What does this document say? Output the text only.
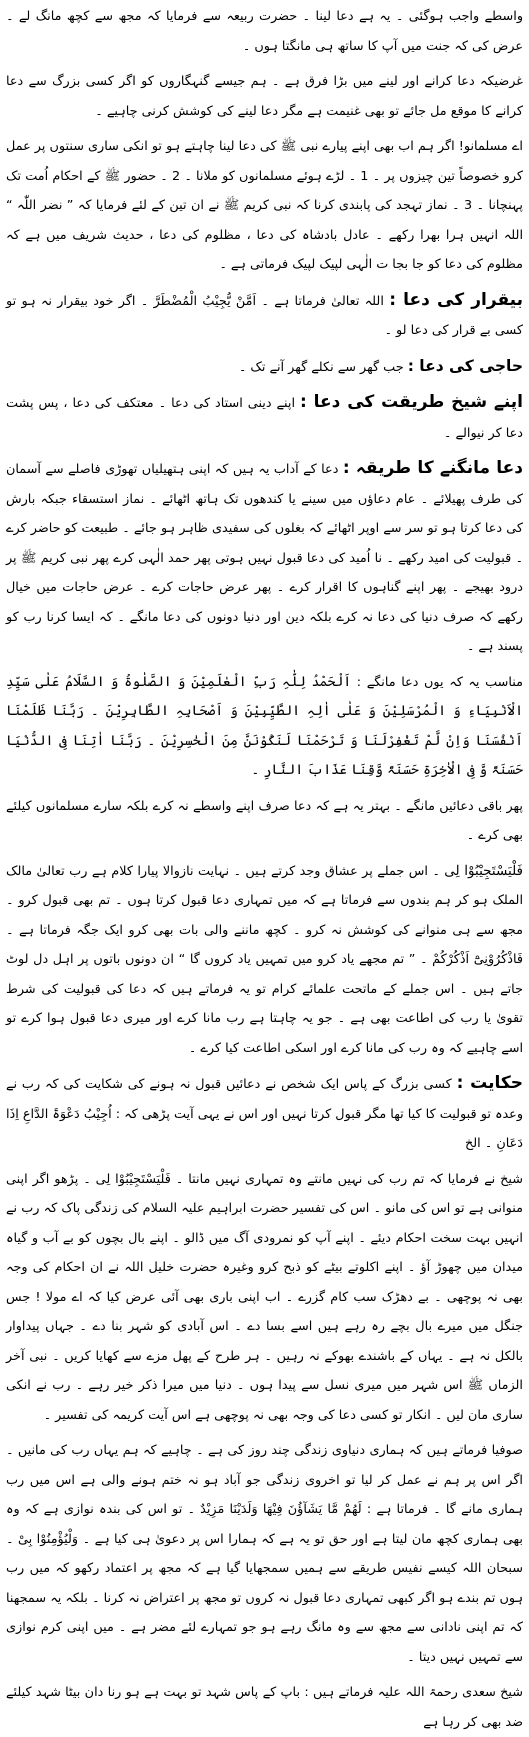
واسطے واجب ہوگئی ۔ یہ ہے دعا لینا ۔ حضرت ربیعہ سے فرمایا کہ مجھ سے کچھ مانگ لے ۔ عرض کی کہ جنت میں آپ کا ساتھ ہی مانگتا ہوں ۔

غرضیکہ دعا کرانے اور لینے میں بڑا فرق ہے ۔ ہم جیسے گنہگاروں کو اگر کسی بزرگ سے دعا کرانے کا موقع مل جائے تو بھی غنیمت ہے مگر دعا لینے کی کوشش کرنی چاہیے ۔

اے مسلمانو! اگر ہم اب بھی اپنے پیارے نبی ﷺ کی دعا لینا چاہتے ہو تو انکی ساری سنتوں پر عمل کرو خصوصاً تین چیزوں پر ۔ 1 ۔ لڑے ہوئے مسلمانوں کو ملانا ۔ 2 ۔ حضور ﷺ کے احکام اُمت تک پہنچانا ۔ 3 ۔ نماز تہجد کی پابندی کرنا کہ نبی کریم ﷺ نے ان تین کے لئے فرمایا کہ ” نضر اللّٰہ “ اللہ انہیں ہرا بھرا رکھے ۔ عادل بادشاہ کی دعا ، مظلوم کی دعا ، حدیث شریف میں ہے کہ مظلوم کی دعا کو جا بجا ت الٰہی لپیک لپیک فرماتی ہے ۔

بیقرار کی دعا : اللہ تعالیٰ فرماتا ہے ۔ اَمَّنْ یُّجِیْبُ الْمُضْطَرَّ ۔ اگر خود بیقرار نہ ہو تو کسی بے قرار کی دعا لو ۔

حاجی کی دعا : جب گھر سے نکلے گھر آنے تک ۔

اپنے شیخ طریقت کی دعا : اپنے دینی استاد کی دعا ۔ معتکف کی دعا ، پس پشت دعا کر نیوالے ۔

دعا مانگنے کا طریقہ : دعا کے آداب یہ ہیں کہ اپنی ہتھیلیاں تھوڑی فاصلے سے آسمان کی طرف پھیلائے ۔ عام دعاؤں میں سینے یا کندھوں تک ہاتھ اٹھائے ۔ نماز استسقاء جبکہ بارش کی دعا کرتا ہو تو سر سے اوپر اٹھائے کہ بغلوں کی سفیدی ظاہر ہو جائے ۔ طبیعت کو حاضر کرے ۔ قبولیت کی امید رکھے ۔ نا اُمید کی دعا قبول نہیں ہوتی پھر حمد الٰہی کرے پھر نبی کریم ﷺ پر درود بھیجے ۔ پھر اپنے گناہوں کا اقرار کرے ۔ پھر عرض حاجات کرے ۔ عرض حاجات میں خیال رکھے کہ صرف دنیا کی دعا نہ کرے بلکہ دین اور دنیا دونوں کی دعا مانگے ۔ کہ ایسا کرنا رب کو پسند ہے ۔

مناسب یہ کہ یوں دعا مانگے : اَلْحَمْدُ لِلّٰہِ رَبِّ الْعٰلَمِیْنَ وَ الصَّلٰوۃُ وَ السَّلَامُ عَلٰی سَیِّدِ الْاَنْبِیَاءِ وَ الْمُرْسَلِیْنَ وَ عَلٰی اٰلِہِ الطَّیِّبِیْنَ وَ اَصْحَابِہِ الطَّاہِرِیْنَ ۔ رَبَّنَا ظَلَمْنَا اَنْفُسَنَا وَاِنْ لَّمْ تَغْفِرْلَنَا وَ تَرْحَمْنَا لَنَکُوْنَنَّ مِنَ الْخٰسِرِیْنَ ۔ رَبَّنَا اٰتِنَا فِی الدُّنْیَا حَسَنَۃً وَّ فِی الْاٰخِرَۃِ حَسَنَۃً وَّقِنَا عَذَابَ النَّارِ ۔

پھر باقی دعائیں مانگے ۔ بہتر یہ ہے کہ دعا صرف اپنے واسطے نہ کرے بلکہ سارے مسلمانوں کیلئے بھی کرے ۔

فَلْیَسْتَجِیْبُوْا لِی ۔ اس جملے پر عشاق وجد کرتے ہیں ۔ نہایت نازوالا پیارا کلام ہے رب تعالیٰ مالک الملک ہو کر ہم بندوں سے فرماتا ہے کہ میں تمہاری دعا قبول کرتا ہوں ۔ تم بھی قبول کرو ۔ مجھ سے ہی منوانے کی کوشش نہ کرو ۔ کچھ ماننے والی بات بھی کرو ایک جگہ فرماتا ہے ۔ فَاذْکُرُوْنِیْٓ اَذْکُرْکُمْ ۔ ” تم مجھے یاد کرو میں تمہیں یاد کروں گا “ ان دونوں باتوں پر اہل دل لوٹ جاتے ہیں ۔ اس جملے کے ماتحت علمائے کرام تو یہ فرماتے ہیں کہ دعا کی قبولیت کی شرط تقویٰ یا رب کی اطاعت بھی ہے ۔ جو یہ چاہتا ہے رب مانا کرے اور میری دعا قبول ہوا کرے تو اسے چاہیے کہ وہ رب کی مانا کرے اور اسکی اطاعت کیا کرے ۔

حکایت : کسی بزرگ کے پاس ایک شخص نے دعائیں قبول نہ ہونے کی شکایت کی کہ رب نے وعدہ تو قبولیت کا کیا تھا مگر قبول کرتا نہیں اور اس نے یہی آیت پڑھی کہ : اُجِیْبُ دَعْوَۃَ الدَّاعِ اِذَا دَعَانِ ۔ الخ

شیخ نے فرمایا کہ تم رب کی نہیں مانتے وہ تمہاری نہیں مانتا ۔ فَلْیَسْتَجِیْبُوْا لِی ۔ پڑھو اگر اپنی منوانی ہے تو اس کی مانو ۔ اس کی تفسیر حضرت ابراہیم علیہ السلام کی زندگی پاک کہ رب نے انہیں بہت سخت احکام دیئے ۔ اپنے آپ کو نمرودی آگ میں ڈالو ۔ اپنے بال بچوں کو بے آب و گیاہ میدان میں چھوڑ آؤ ۔ اپنے اکلوتے بیٹے کو ذبح کرو وغیرہ حضرت خلیل اللہ نے ان احکام کی وجہ بھی نہ پوچھی ۔ بے دھڑک سب کام گزرے ۔ اب اپنی باری بھی آئی عرض کیا کہ اے مولا ! جس جنگل میں میرے بال بچے رہ رہے ہیں اسے بسا دے ۔ اس آبادی کو شہر بنا دے ۔ جہاں پیداوار بالکل نہ ہے ۔ یہاں کے باشندے بھوکے نہ رہیں ۔ ہر طرح کے پھل مزے سے کھایا کریں ۔ نبی آخر الزماں ﷺ اس شہر میں میری نسل سے پیدا ہوں ۔ دنیا میں میرا ذکر خیر رہے ۔ رب نے انکی ساری مان لیں ۔ انکار تو کسی دعا کی وجہ بھی نہ پوچھی ہے اس آیت کریمہ کی تفسیر ۔

صوفیا فرماتے ہیں کہ ہماری دنیاوی زندگی چند روز کی ہے ۔ چاہیے کہ ہم یہاں رب کی مانیں ۔ اگر اس پر ہم نے عمل کر لیا تو اخروی زندگی جو آباد ہو نہ ختم ہونے والی ہے اس میں رب ہماری مانے گا ۔ فرماتا ہے : لَھُمْ مَّا یَشَآؤُنَ فِیْھَا وَلَدَیْنَا مَزِیْدٌ ۔ تو اس کی بندہ نوازی ہے کہ وہ بھی ہماری کچھ مان لیتا ہے اور حق تو یہ ہے کہ ہمارا اس پر دعویٰ ہی کیا ہے ۔ وَلْیُؤْمِنُوْا بِیْ ۔ سبحان اللہ کیسے نفیس طریقے سے ہمیں سمجھایا گیا ہے کہ مجھ پر اعتماد رکھو کہ میں رب ہوں تم بندے ہو اگر کبھی تمہاری دعا قبول نہ کروں تو مجھ پر اعتراض نہ کرنا ۔ بلکہ یہ سمجھنا کہ تم اپنی نادانی سے مجھ سے وہ مانگ رہے ہو جو تمہارے لئے مضر ہے ۔ میں اپنی کرم نوازی سے تمہیں نہیں دیتا ۔

شیخ سعدی رحمۃ اللہ علیہ فرماتے ہیں : باپ کے پاس شہد تو بہت ہے ہو رنا دان بیٹا شہد کیلئے ضد بھی کر رہا ہے
